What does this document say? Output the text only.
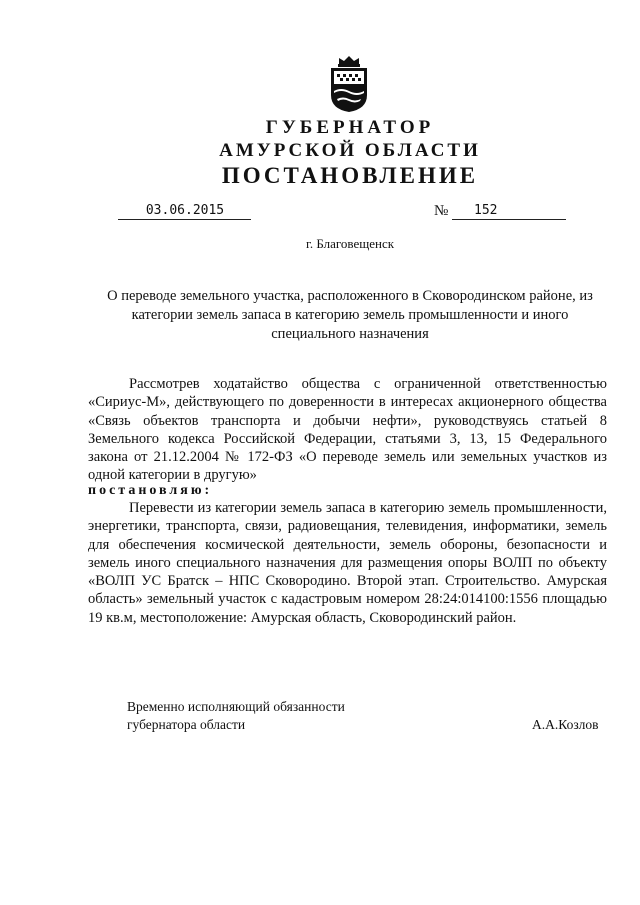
ГУБЕРНАТОР
АМУРСКОЙ ОБЛАСТИ
ПОСТАНОВЛЕНИЕ
03.06.2015	№	152
г. Благовещенск

О переводе земельного участка, расположенного в Сковородинском районе, из категории земель запаса в категорию земель промышленности и иного специального назначения

Рассмотрев ходатайство общества с ограниченной ответственностью «Сириус-М», действующего по доверенности в интересах акционерного общества «Связь объектов транспорта и добычи нефти», руководствуясь статьей 8 Земельного кодекса Российской Федерации, статьями 3, 13, 15 Федерального закона от 21.12.2004 № 172-ФЗ «О переводе земель или земельных участков из одной категории в другую»

постановляю:

Перевести из категории земель запаса в категорию земель промышленности, энергетики, транспорта, связи, радиовещания, телевидения, информатики, земель для обеспечения космической деятельности, земель обороны, безопасности и земель иного специального назначения для размещения опоры ВОЛП по объекту «ВОЛП УС Братск – НПС Сковородино. Второй этап. Строительство. Амурская область» земельный участок с кадастровым номером 28:24:014100:1556 площадью 19 кв.м, местоположение: Амурская область, Сковородинский район.

Временно исполняющий обязанности

губернатора области	А.А.Козлов
